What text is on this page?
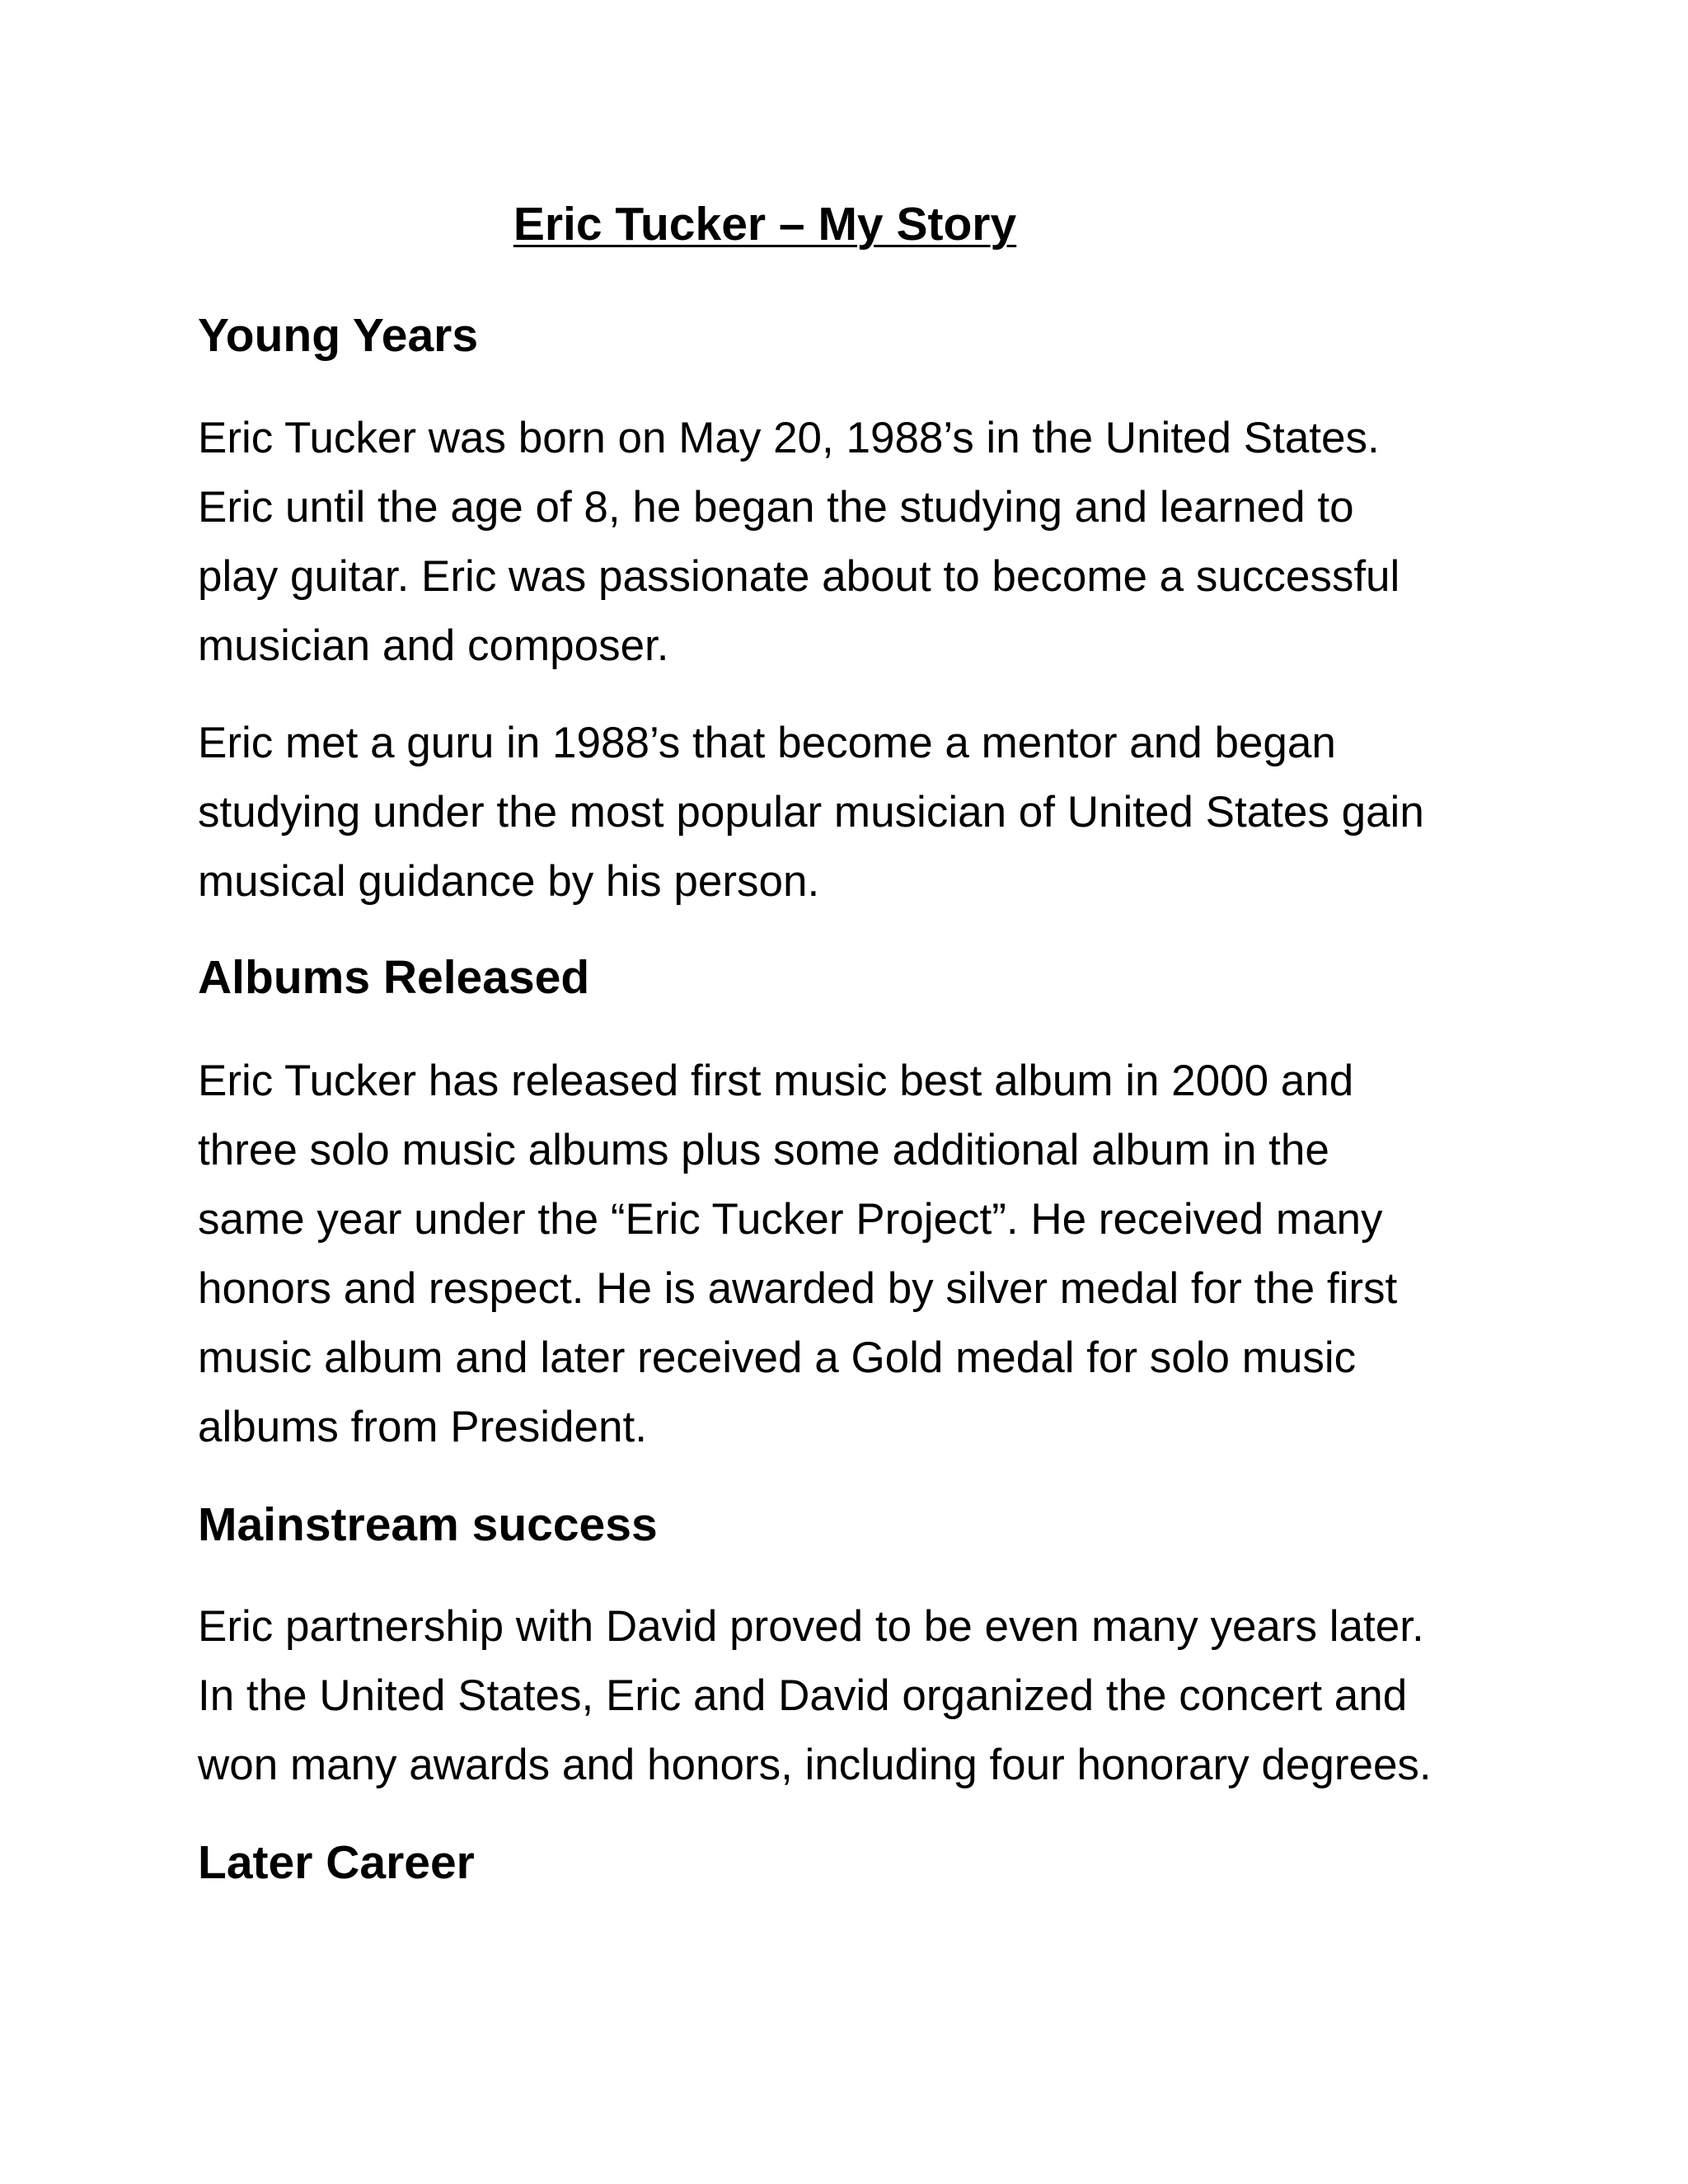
Eric Tucker – My Story
Young Years
Eric Tucker was born on May 20, 1988’s in the United States.
Eric until the age of 8, he began the studying and learned to
play guitar. Eric was passionate about to become a successful
musician and composer.
Eric met a guru in 1988’s that become a mentor and began
studying under the most popular musician of United States gain
musical guidance by his person.
Albums Released
Eric Tucker has released first music best album in 2000 and
three solo music albums plus some additional album in the
same year under the “Eric Tucker Project”. He received many
honors and respect. He is awarded by silver medal for the first
music album and later received a Gold medal for solo music
albums from President.
Mainstream success
Eric partnership with David proved to be even many years later.
In the United States, Eric and David organized the concert and
won many awards and honors, including four honorary degrees.
Later Career
